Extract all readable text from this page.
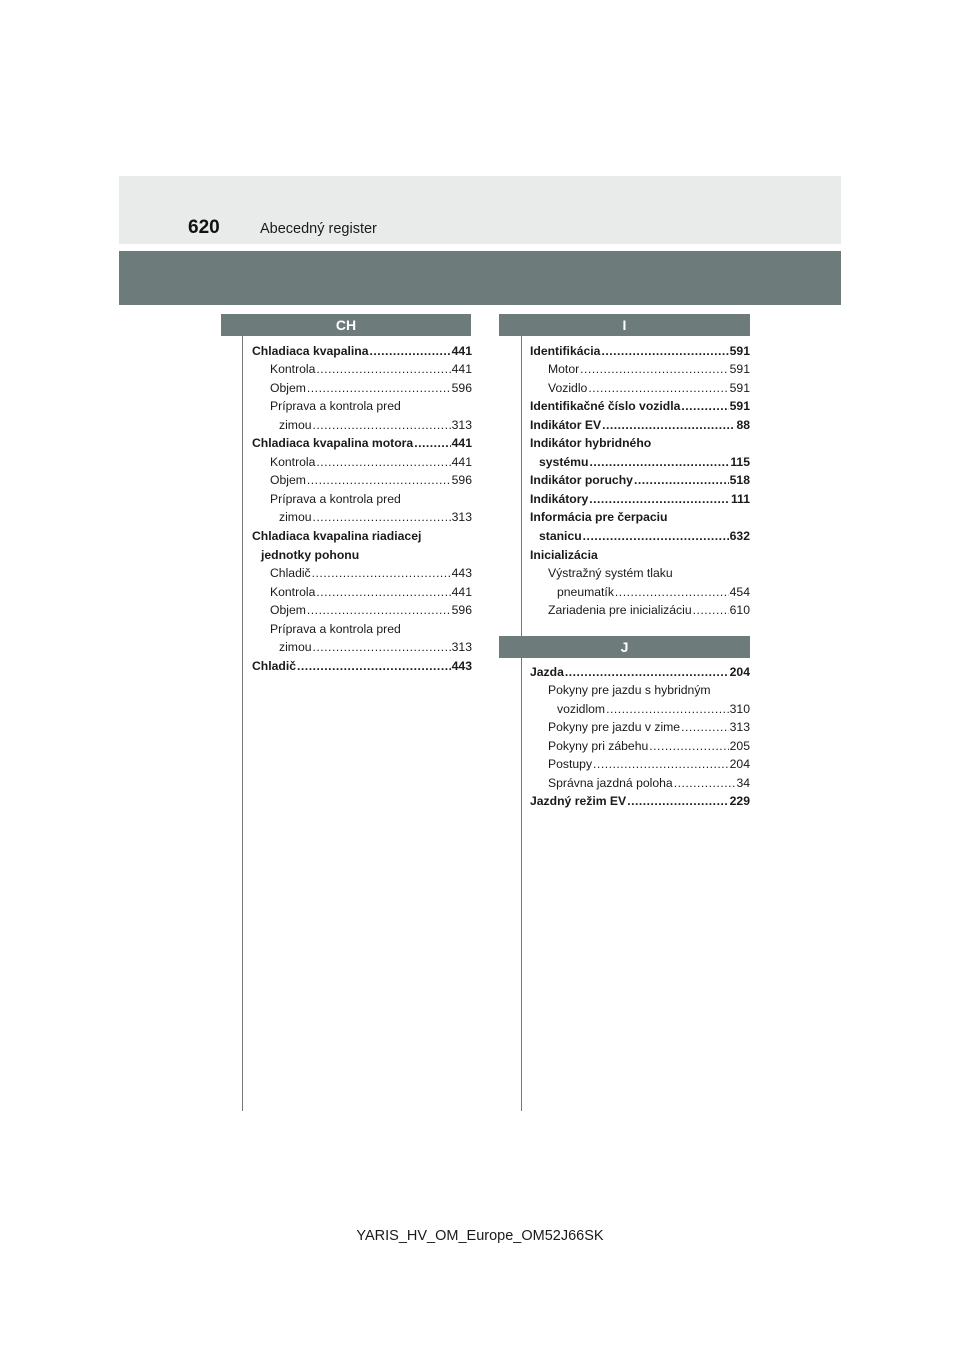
620	Abecedný register
CH
Chladiaca kvapalina .....	441
Kontrola .....	441
Objem .....	596
Príprava a kontrola pred
zimou .....	313
Chladiaca kvapalina motora .....	441
Kontrola .....	441
Objem .....	596
Príprava a kontrola pred
zimou .....	313
Chladiaca kvapalina riadiacej
jednotky pohonu
Chladič .....	443
Kontrola .....	441
Objem .....	596
Príprava a kontrola pred
zimou .....	313
Chladič .....	443
I
Identifikácia .....	591
Motor .....	591
Vozidlo .....	591
Identifikačné číslo vozidla .....	591
Indikátor EV .....	88
Indikátor hybridného
systému .....	115
Indikátor poruchy .....	518
Indikátory .....	111
Informácia pre čerpaciu
stanicu .....	632
Inicializácia
Výstražný systém tlaku
pneumatík .....	454
Zariadenia pre inicializáciu .....	610
J
Jazda .....	204
Pokyny pre jazdu s hybridným
vozidlom .....	310
Pokyny pre jazdu v zime .....	313
Pokyny pri zábehu .....	205
Postupy .....	204
Správna jazdná poloha .....	34
Jazdný režim EV .....	229
YARIS_HV_OM_Europe_OM52J66SK
